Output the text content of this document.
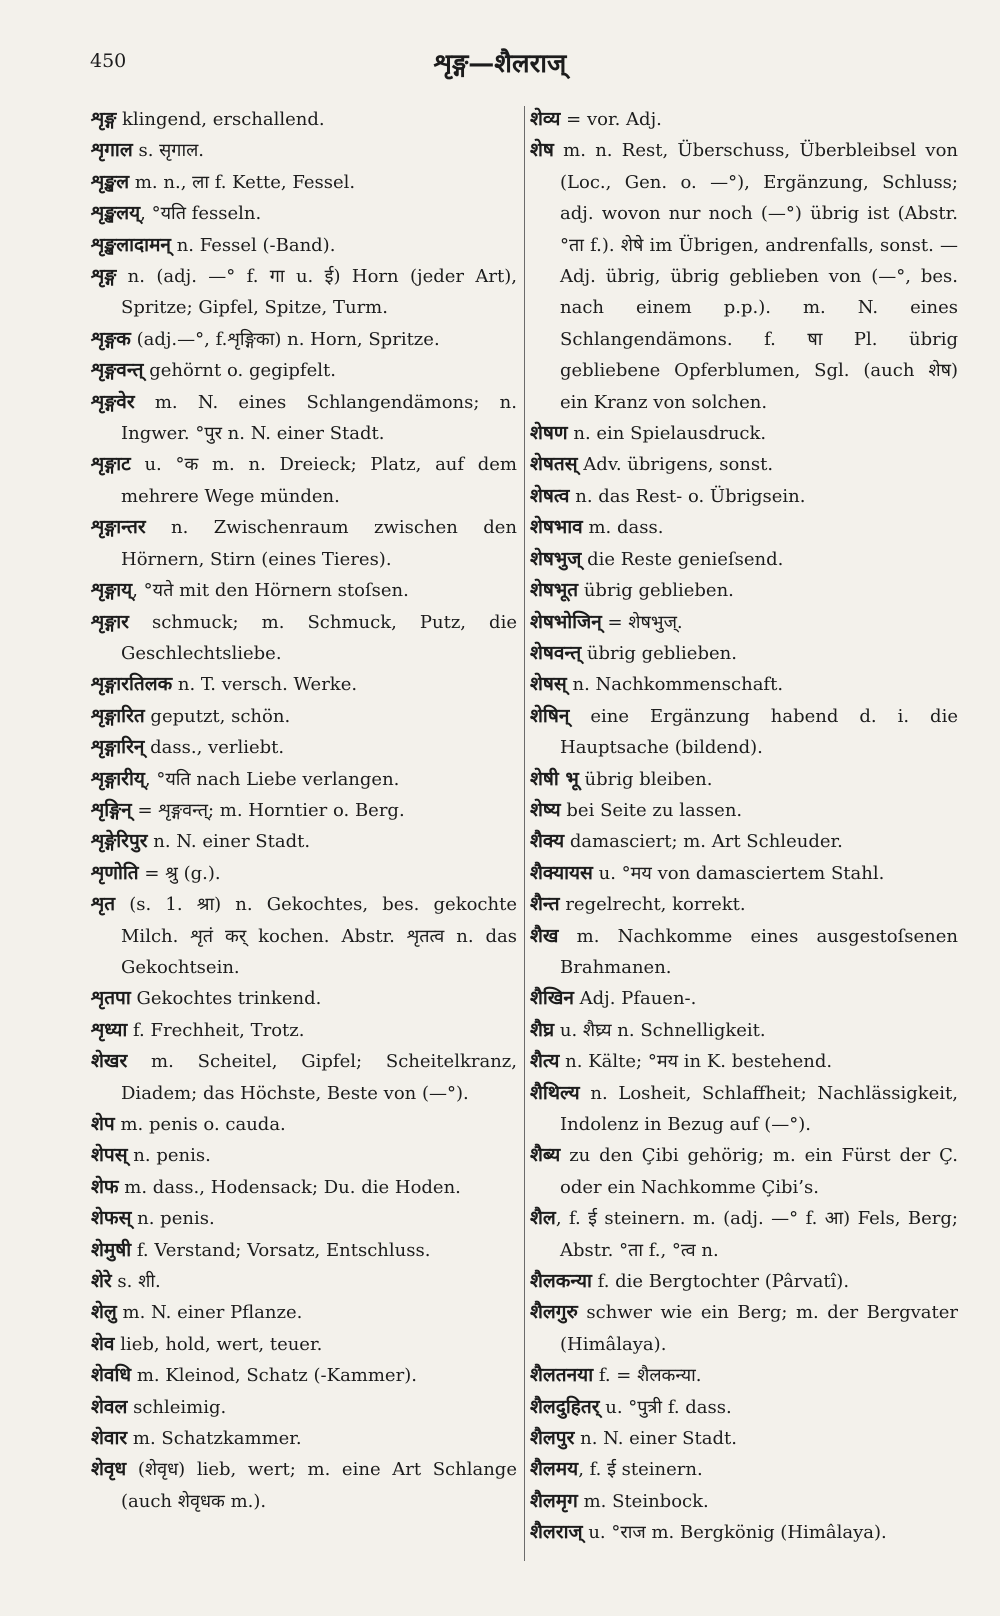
450	शृङ्ग—शैलराज्

शृङ्ग klingend, erschallend.

शृगाल s. सृगाल.

शृङ्खल m. n., ला f. Kette, Fessel.

शृङ्खलय्, °यति fesseln.

शृङ्खलादामन् n. Fessel (-Band).

शृङ्ग n. (adj. —° f. गा u. ई) Horn (jeder Art), Spritze; Gipfel, Spitze, Turm.

शृङ्गक (adj.—°, f.शृङ्गिका) n. Horn, Spritze.

शृङ्गवन्त् gehörnt o. gegipfelt.

शृङ्गवेर m. N. eines Schlangendämons; n. Ingwer. °पुर n. N. einer Stadt.

शृङ्गाट u. °क m. n. Dreieck; Platz, auf dem mehrere Wege münden.

शृङ्गान्तर n. Zwischenraum zwischen den Hörnern, Stirn (eines Tieres).

शृङ्गाय्, °यते mit den Hörnern stoſsen.

शृङ्गार schmuck; m. Schmuck, Putz, die Geschlechtsliebe.

शृङ्गारतिलक n. T. versch. Werke.

शृङ्गारित geputzt, schön.

शृङ्गारिन् dass., verliebt.

शृङ्गारीय्, °यति nach Liebe verlangen.

शृङ्गिन् = शृङ्गवन्त्; m. Horntier o. Berg.

शृङ्गेरिपुर n. N. einer Stadt.

शृणोति = श्रु (g.).

शृत (s. 1. श्रा) n. Gekochtes, bes. gekochte Milch. शृतं कर् kochen. Abstr. शृतत्व n. das Gekochtsein.

शृतपा Gekochtes trinkend.

शृध्या f. Frechheit, Trotz.

शेखर m. Scheitel, Gipfel; Scheitelkranz, Diadem; das Höchste, Beste von (—°).

शेप m. penis o. cauda.

शेपस् n. penis.

शेफ m. dass., Hodensack; Du. die Hoden.

शेफस् n. penis.

शेमुषी f. Verstand; Vorsatz, Entschluss.

शेरे s. शी.

शेलु m. N. einer Pflanze.

शेव lieb, hold, wert, teuer.

शेवधि m. Kleinod, Schatz (-Kammer).

शेवल schleimig.

शेवार m. Schatzkammer.

शेवृध (शेवृध) lieb, wert; m. eine Art Schlange (auch शेवृधक m.).

शेव्य = vor. Adj.

शेष m. n. Rest, Überschuss, Überbleibsel von (Loc., Gen. o. —°), Ergänzung, Schluss; adj. wovon nur noch (—°) übrig ist (Abstr. °ता f.). शेषे im Übrigen, andrenfalls, sonst. — Adj. übrig, übrig geblieben von (—°, bes. nach einem p.p.). m. N. eines Schlangendämons. f. षा Pl. übrig gebliebene Opferblumen, Sgl. (auch शेष) ein Kranz von solchen.

शेषण n. ein Spielausdruck.

शेषतस् Adv. übrigens, sonst.

शेषत्व n. das Rest- o. Übrigsein.

शेषभाव m. dass.

शेषभुज् die Reste genieſsend.

शेषभूत übrig geblieben.

शेषभोजिन् = शेषभुज्.

शेषवन्त् übrig geblieben.

शेषस् n. Nachkommenschaft.

शेषिन् eine Ergänzung habend d. i. die Hauptsache (bildend).

शेषी भू übrig bleiben.

शेष्य bei Seite zu lassen.

शैक्य damasciert; m. Art Schleuder.

शैक्यायस u. °मय von damasciertem Stahl.

शैन्त regelrecht, korrekt.

शैख m. Nachkomme eines ausgestoſsenen Brahmanen.

शैखिन Adj. Pfauen-.

शैघ्र u. शैघ्र्य n. Schnelligkeit.

शैत्य n. Kälte; °मय in K. bestehend.

शैथिल्य n. Losheit, Schlaffheit; Nachlässigkeit, Indolenz in Bezug auf (—°).

शैब्य zu den Çibi gehörig; m. ein Fürst der Ç. oder ein Nachkomme Çibi’s.

शैल, f. ई steinern. m. (adj. —° f. आ) Fels, Berg; Abstr. °ता f., °त्व n.

शैलकन्या f. die Bergtochter (Pârvatî).

शैलगुरु schwer wie ein Berg; m. der Bergvater (Himâlaya).

शैलतनया f. = शैलकन्या.

शैलदुहितर् u. °पुत्री f. dass.

शैलपुर n. N. einer Stadt.

शैलमय, f. ई steinern.

शैलमृग m. Steinbock.

शैलराज् u. °राज m. Bergkönig (Himâlaya).
